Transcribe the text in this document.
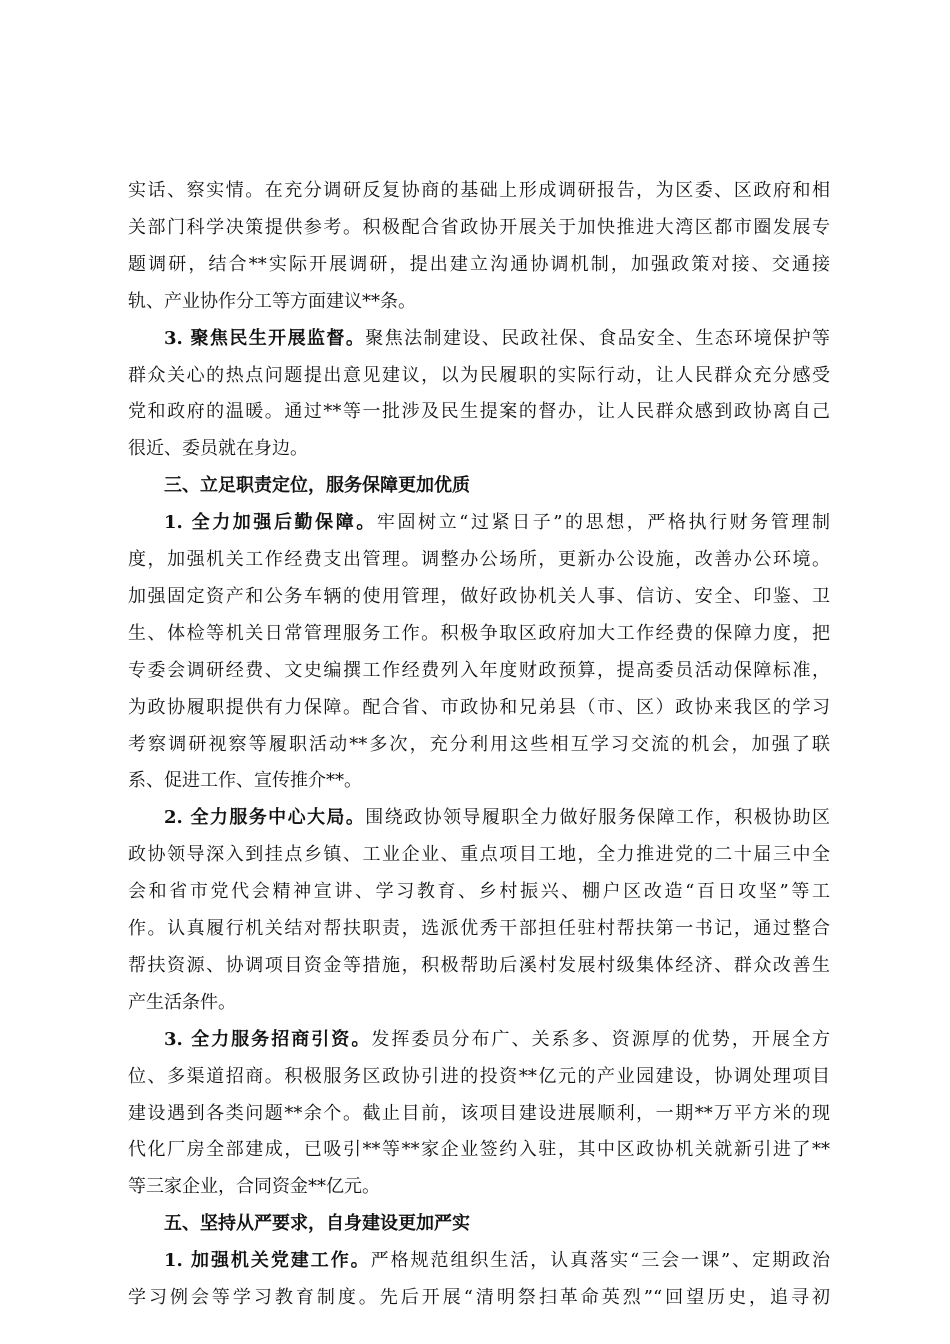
实话、察实情。在充分调研反复协商的基础上形成调研报告，为区委、区政府和相
关部门科学决策提供参考。积极配合省政协开展关于加快推进大湾区都市圈发展专
题调研，结合**实际开展调研，提出建立沟通协调机制，加强政策对接、交通接
轨、产业协作分工等方面建议**条。
3. 聚焦民生开展监督。聚焦法制建设、民政社保、食品安全、生态环境保护等
群众关心的热点问题提出意见建议，以为民履职的实际行动，让人民群众充分感受
党和政府的温暖。通过**等一批涉及民生提案的督办，让人民群众感到政协离自己
很近、委员就在身边。
三、立足职责定位，服务保障更加优质
1. 全力加强后勤保障。牢固树立“过紧日子”的思想，严格执行财务管理制
度，加强机关工作经费支出管理。调整办公场所，更新办公设施，改善办公环境。
加强固定资产和公务车辆的使用管理，做好政协机关人事、信访、安全、印鉴、卫
生、体检等机关日常管理服务工作。积极争取区政府加大工作经费的保障力度，把
专委会调研经费、文史编撰工作经费列入年度财政预算，提高委员活动保障标准，
为政协履职提供有力保障。配合省、市政协和兄弟县（市、区）政协来我区的学习
考察调研视察等履职活动**多次，充分利用这些相互学习交流的机会，加强了联
系、促进工作、宣传推介**。
2. 全力服务中心大局。围绕政协领导履职全力做好服务保障工作，积极协助区
政协领导深入到挂点乡镇、工业企业、重点项目工地，全力推进党的二十届三中全
会和省市党代会精神宣讲、学习教育、乡村振兴、棚户区改造“百日攻坚”等工
作。认真履行机关结对帮扶职责，选派优秀干部担任驻村帮扶第一书记，通过整合
帮扶资源、协调项目资金等措施，积极帮助后溪村发展村级集体经济、群众改善生
产生活条件。
3. 全力服务招商引资。发挥委员分布广、关系多、资源厚的优势，开展全方
位、多渠道招商。积极服务区政协引进的投资**亿元的产业园建设，协调处理项目
建设遇到各类问题**余个。截止目前，该项目建设进展顺利，一期**万平方米的现
代化厂房全部建成，已吸引**等**家企业签约入驻，其中区政协机关就新引进了**
等三家企业，合同资金**亿元。
五、坚持从严要求，自身建设更加严实
1. 加强机关党建工作。严格规范组织生活，认真落实“三会一课”、定期政治
学习例会等学习教育制度。先后开展“清明祭扫革命英烈”“回望历史，追寻初
